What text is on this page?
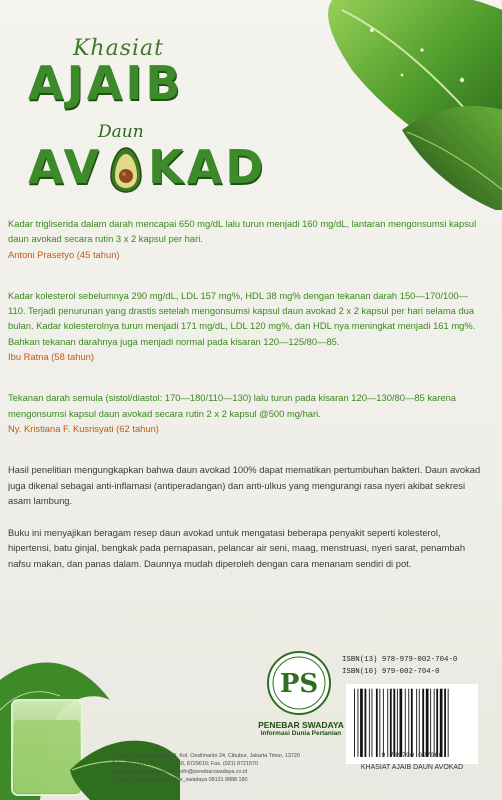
Khasiat
AJAIB
Daun
AV KAD
Kadar trigliserida dalam darah mencapai 650 mg/dL lalu turun menjadi 160 mg/dL, lantaran mengonsumsi kapsul daun avokad secara rutin 3 x 2 kapsul per hari.
Antoni Prasetyo (45 tahun)
Kadar kolesterol sebelumnya 290 mg/dL, LDL 157 mg%, HDL 38 mg% dengan tekanan darah 150—170/100—110. Terjadi penurunan yang drastis setelah mengonsumsi kapsul daun avokad 2 x 2 kapsul per hari selama dua bulan. Kadar kolesterolnya turun menjadi 171 mg/dL, LDL 120 mg%, dan HDL nya meningkat menjadi 161 mg%. Bahkan tekanan darahnya juga menjadi normal pada kisaran 120—125/80—85.
Ibu Ratna (58 tahun)
Tekanan darah semula (sistol/diastol: 170—180/110—130) lalu turun pada kisaran 120—130/80—85 karena mengonsumsi kapsul daun avokad secara rutin 2 x 2 kapsul @500 mg/hari.
Ny. Kristiana F. Kusrisyati (62 tahun)
Hasil penelitian mengungkapkan bahwa daun avokad 100% dapat mematikan pertumbuhan bakteri. Daun avokad juga dikenal sebagai anti-inflamasi (antiperadangan) dan anti-ulkus yang mengurangi rasa nyeri akibat sekresi asam lambung.
Buku ini menyajikan beragam resep daun avokad untuk mengatasi beberapa penyakit seperti kolesterol, hipertensi, batu ginjal, bengkak pada pernapasan, pelancar air seni, maag, menstruasi, nyeri sarat, penambah nafsu makan, dan panas dalam. Daunnya mudah diperoleh dengan cara menanam sendiri di pot.
PS
PENEBAR SWADAYA
Informasi Dunia Pertanian
Penebar Swadaya Grup, Jl. Kol. Oeslimanto 24, Cibubur, Jakarta Timur, 13720
Telp. (021) 8717970, 8729060, 8729610; Fax. (021) 8721570
www.penebarswadaya.com info@penebarswadaya.co.id
Penebar Swadaya @penebar_swadaya 08131 8888 180
ISBN(13) 978-979-002-704-0
ISBN(10) 979-002-704-0
9 789790 027060
KHASIAT AJAIB DAUN AVOKAD
